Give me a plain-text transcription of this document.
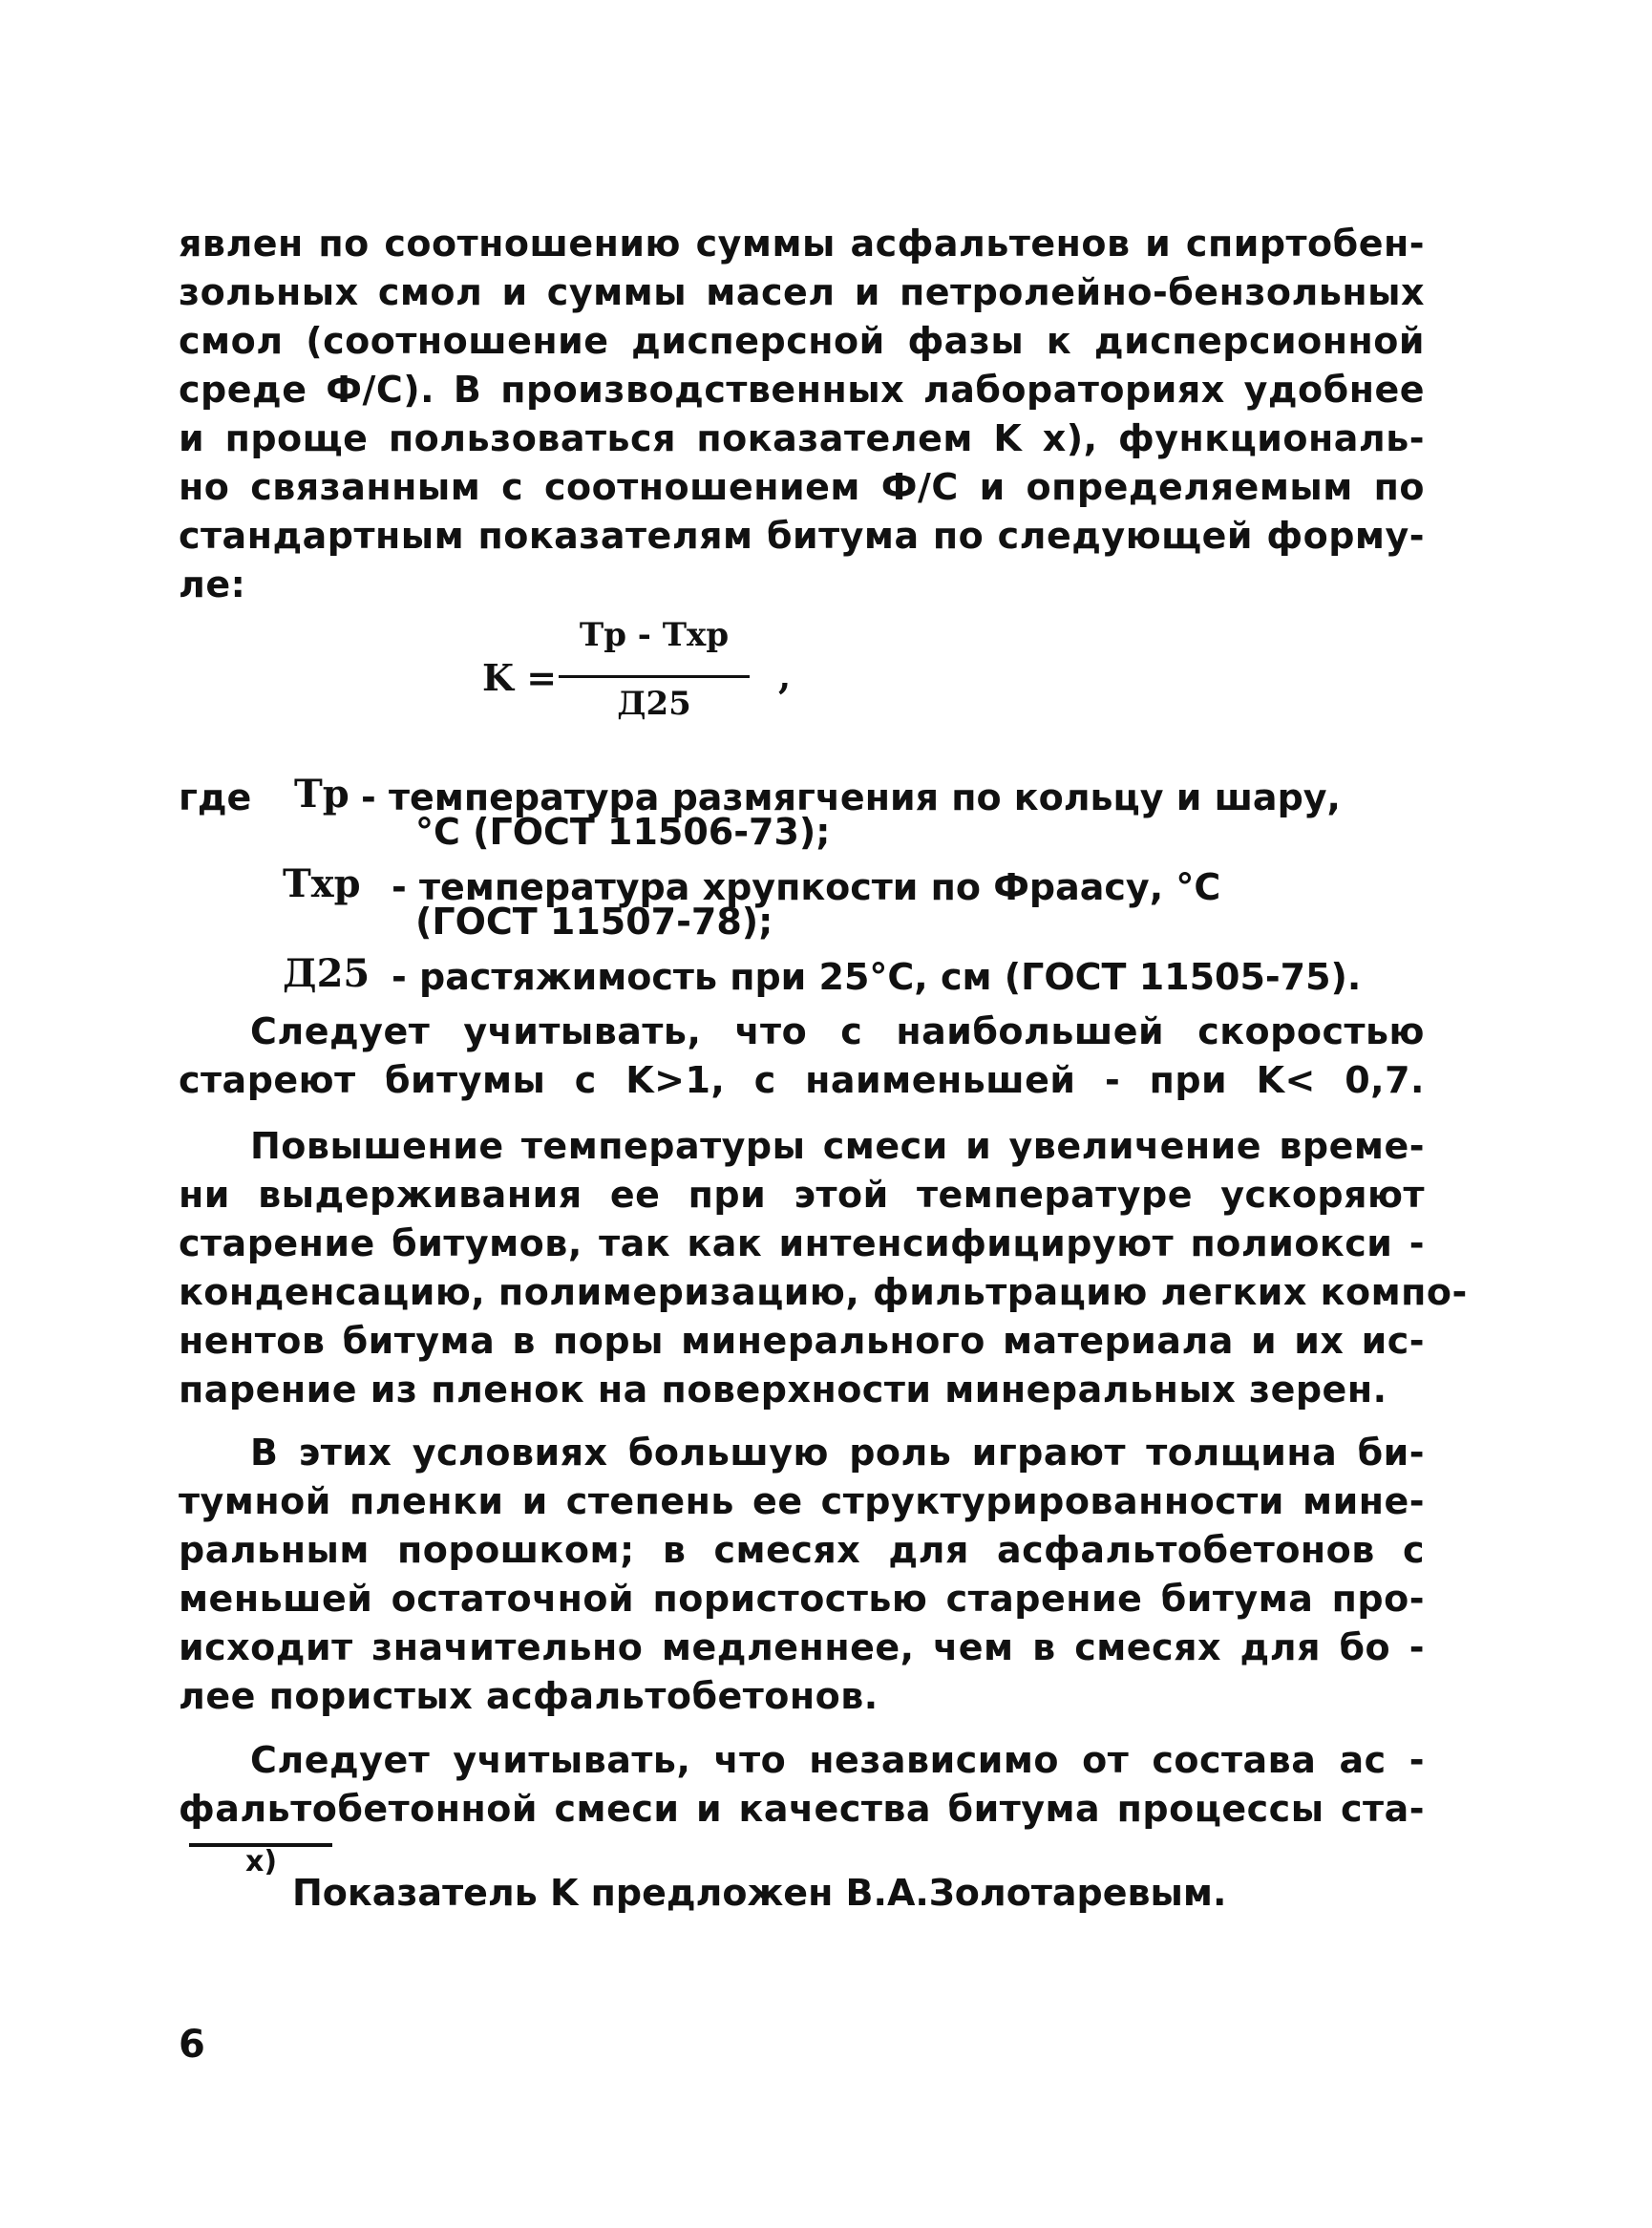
явлен по соотношению суммы асфальтенов и спиртобен-
зольных смол и суммы масел и петролейно-бензольных
смол (соотношение дисперсной фазы к дисперсионной
среде Ф/С). В производственных лабораториях удобнее
и проще пользоваться показателем K x), функциональ-
но связанным с соотношением Ф/С и определяемым по
стандартным показателям битума по следующей форму-
ле:
K =
Tр - Tхр
Д25
,
где Tр - температура размягчения по кольцу и шару,
°С (ГОСТ 11506-73);
Tхр - температура хрупкости по Фраасу, °С
(ГОСТ 11507-78);
Д25 - растяжимость при 25°С, см (ГОСТ 11505-75).
Следует учитывать, что с наибольшей скоростью
стареют битумы с K>1, с наименьшей - при K< 0,7.
Повышение температуры смеси и увеличение време-
ни выдерживания ее при этой температуре ускоряют
старение битумов, так как интенсифицируют полиокси -
конденсацию, полимеризацию, фильтрацию легких компо-
нентов битума в поры минерального материала и их ис-
парение из пленок на поверхности минеральных зерен.
В этих условиях большую роль играют толщина би-
тумной пленки и степень ее структурированности мине-
ральным порошком; в смесях для асфальтобетонов с
меньшей остаточной пористостью старение битума про-
исходит значительно медленнее, чем в смесях для бо -
лее пористых асфальтобетонов.
Следует учитывать, что независимо от состава ас -
фальтобетонной смеси и качества битума процессы ста-
x)
Показатель K предложен В.А.Золотаревым.
6
